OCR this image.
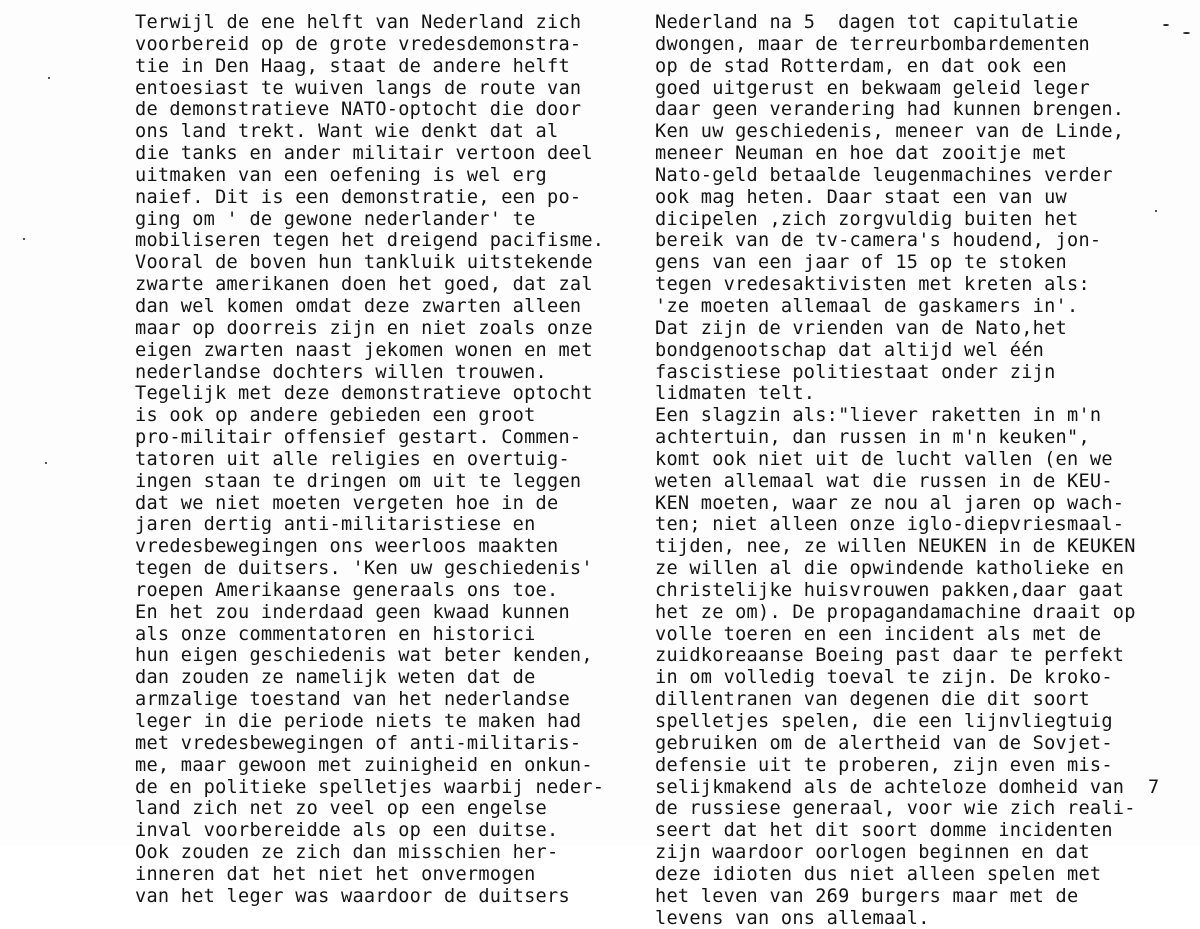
Terwijl de ene helft van Nederland zich
voorbereid op de grote vredesdemonstra-
tie in Den Haag, staat de andere helft
entoesiast te wuiven langs de route van
de demonstratieve NATO-optocht die door
ons land trekt. Want wie denkt dat al
die tanks en ander militair vertoon deel
uitmaken van een oefening is wel erg
naief. Dit is een demonstratie, een po-
ging om ' de gewone nederlander' te
mobiliseren tegen het dreigend pacifisme.
Vooral de boven hun tankluik uitstekende
zwarte amerikanen doen het goed, dat zal
dan wel komen omdat deze zwarten alleen
maar op doorreis zijn en niet zoals onze
eigen zwarten naast jekomen wonen en met
nederlandse dochters willen trouwen.
Tegelijk met deze demonstratieve optocht
is ook op andere gebieden een groot
pro-militair offensief gestart. Commen-
tatoren uit alle religies en overtuig-
ingen staan te dringen om uit te leggen
dat we niet moeten vergeten hoe in de
jaren dertig anti-militaristiese en
vredesbewegingen ons weerloos maakten
tegen de duitsers. 'Ken uw geschiedenis'
roepen Amerikaanse generaals ons toe.
En het zou inderdaad geen kwaad kunnen
als onze commentatoren en historici
hun eigen geschiedenis wat beter kenden,
dan zouden ze namelijk weten dat de
armzalige toestand van het nederlandse
leger in die periode niets te maken had
met vredesbewegingen of anti-militaris-
me, maar gewoon met zuinigheid en onkun-
de en politieke spelletjes waarbij neder-
land zich net zo veel op een engelse
inval voorbereidde als op een duitse.
Ook zouden ze zich dan misschien her-
inneren dat het niet het onvermogen
van het leger was waardoor de duitsers
Nederland na 5  dagen tot capitulatie
dwongen, maar de terreurbombardementen
op de stad Rotterdam, en dat ook een
goed uitgerust en bekwaam geleid leger
daar geen verandering had kunnen brengen.
Ken uw geschiedenis, meneer van de Linde,
meneer Neuman en hoe dat zooitje met
Nato-geld betaalde leugenmachines verder
ook mag heten. Daar staat een van uw
dicipelen ,zich zorgvuldig buiten het
bereik van de tv-camera's houdend, jon-
gens van een jaar of 15 op te stoken
tegen vredesaktivisten met kreten als:
'ze moeten allemaal de gaskamers in'.
Dat zijn de vrienden van de Nato,het
bondgenootschap dat altijd wel één
fascistiese politiestaat onder zijn
lidmaten telt.
Een slagzin als:"liever raketten in m'n
achtertuin, dan russen in m'n keuken",
komt ook niet uit de lucht vallen (en we
weten allemaal wat die russen in de KEU-
KEN moeten, waar ze nou al jaren op wach-
ten; niet alleen onze iglo-diepvriesmaal-
tijden, nee, ze willen NEUKEN in de KEUKEN
ze willen al die opwindende katholieke en
christelijke huisvrouwen pakken,daar gaat
het ze om). De propagandamachine draait op
volle toeren en een incident als met de
zuidkoreaanse Boeing past daar te perfekt
in om volledig toeval te zijn. De kroko-
dillentranen van degenen die dit soort
spelletjes spelen, die een lijnvliegtuig
gebruiken om de alertheid van de Sovjet-
defensie uit te proberen, zijn even mis-
selijkmakend als de achteloze domheid van
de russiese generaal, voor wie zich reali-
seert dat het dit soort domme incidenten
zijn waardoor oorlogen beginnen en dat
deze idioten dus niet alleen spelen met
het leven van 269 burgers maar met de
levens van ons allemaal.
7
